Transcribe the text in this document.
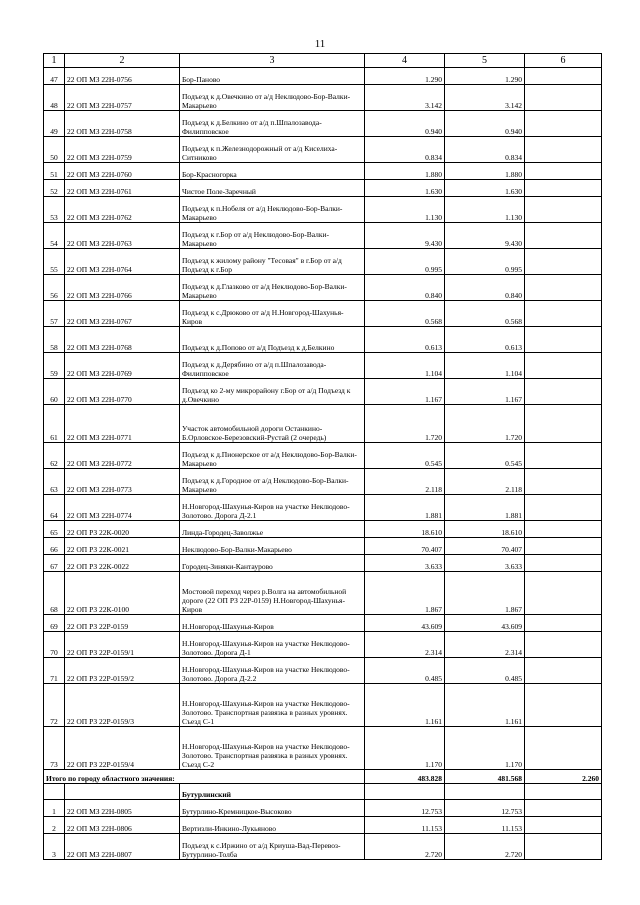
11
1	2	3	4	5	6
47	22 ОП МЗ 22Н-0756	Бор-Паново	1.290	1.290	
48	22 ОП МЗ 22Н-0757	Подъезд к д.Овечкино от а/д Неклюдово-Бор-Валки-Макарьево	3.142	3.142	
49	22 ОП МЗ 22Н-0758	Подъезд к д.Белкино от а/д п.Шпалозавода-Филипповское	0.940	0.940	
50	22 ОП МЗ 22Н-0759	Подъезд к п.Железнодорожный от а/д Киселиха-Ситниково	0.834	0.834	
51	22 ОП МЗ 22Н-0760	Бор-Красногорка	1.880	1.880	
52	22 ОП МЗ 22Н-0761	Чистое Поле-Заречный	1.630	1.630	
53	22 ОП МЗ 22Н-0762	Подъезд к п.Нобеля от а/д Неклюдово-Бор-Валки-Макарьево	1.130	1.130	
54	22 ОП МЗ 22Н-0763	Подъезд к г.Бор от а/д Неклюдово-Бор-Валки-Макарьево	9.430	9.430	
55	22 ОП МЗ 22Н-0764	Подъезд к жилому району "Тесовая" в г.Бор от а/д Подъезд к г.Бор	0.995	0.995	
56	22 ОП МЗ 22Н-0766	Подъезд к д.Глазково от а/д Неклюдово-Бор-Валки-Макарьево	0.840	0.840	
57	22 ОП МЗ 22Н-0767	Подъезд к с.Дрюково от а/д Н.Новгород-Шахунья-Киров	0.568	0.568	
58	22 ОП МЗ 22Н-0768	Подъезд к д.Попово от а/д Подъезд к д.Белкино	0.613	0.613	
59	22 ОП МЗ 22Н-0769	Подъезд к д.Дерябино от а/д п.Шпалозавода-Филипповское	1.104	1.104	
60	22 ОП МЗ 22Н-0770	Подъезд ко 2-му микрорайону г.Бор от а/д Подъезд к д.Овечкино	1.167	1.167	
61	22 ОП МЗ 22Н-0771	Участок автомобильной дороги Останкино-Б.Орловское-Березовский-Рустай (2 очередь)	1.720	1.720	
62	22 ОП МЗ 22Н-0772	Подъезд к д.Пионерское от а/д Неклюдово-Бор-Валки-Макарьево	0.545	0.545	
63	22 ОП МЗ 22Н-0773	Подъезд к д.Городное от а/д Неклюдово-Бор-Валки-Макарьево	2.118	2.118	
64	22 ОП МЗ 22Н-0774	Н.Новгород-Шахунья-Киров на участке Неклюдово-Золотово. Дорога Д-2.1	1.881	1.881	
65	22 ОП РЗ 22К-0020	Линда-Городец-Заволжье	18.610	18.610	
66	22 ОП РЗ 22К-0021	Неклюдово-Бор-Валки-Макарьево	70.407	70.407	
67	22 ОП РЗ 22К-0022	Городец-Зиняки-Кантаурово	3.633	3.633	
68	22 ОП РЗ 22К-0100	Мостовой переход через р.Волга на автомобильной дороге (22 ОП РЗ 22Р-0159) Н.Новгород-Шахунья-Киров	1.867	1.867	
69	22 ОП РЗ 22Р-0159	Н.Новгород-Шахунья-Киров	43.609	43.609	
70	22 ОП РЗ 22Р-0159/1	Н.Новгород-Шахунья-Киров на участке Неклюдово-Золотово. Дорога Д-1	2.314	2.314	
71	22 ОП РЗ 22Р-0159/2	Н.Новгород-Шахунья-Киров на участке Неклюдово-Золотово. Дорога Д-2.2	0.485	0.485	
72	22 ОП РЗ 22Р-0159/3	Н.Новгород-Шахунья-Киров на участке Неклюдово-Золотово. Транспортная развязка в разных уровнях. Съезд С-1	1.161	1.161	
73	22 ОП РЗ 22Р-0159/4	Н.Новгород-Шахунья-Киров на участке Неклюдово-Золотово. Транспортная развязка в разных уровнях. Съезд С-2	1.170	1.170	
Итого по городу областного значения:			483.828	481.568	2.260
		Бутурлинский			
1	22 ОП МЗ 22Н-0805	Бутурлино-Кремницкое-Высоково	12.753	12.753	
2	22 ОП МЗ 22Н-0806	Вертизли-Инкино-Лукьяново	11.153	11.153	
3	22 ОП МЗ 22Н-0807	Подъезд к с.Иржино от а/д Криуша-Вад-Перевоз-Бутурлино-Толба	2.720	2.720	
